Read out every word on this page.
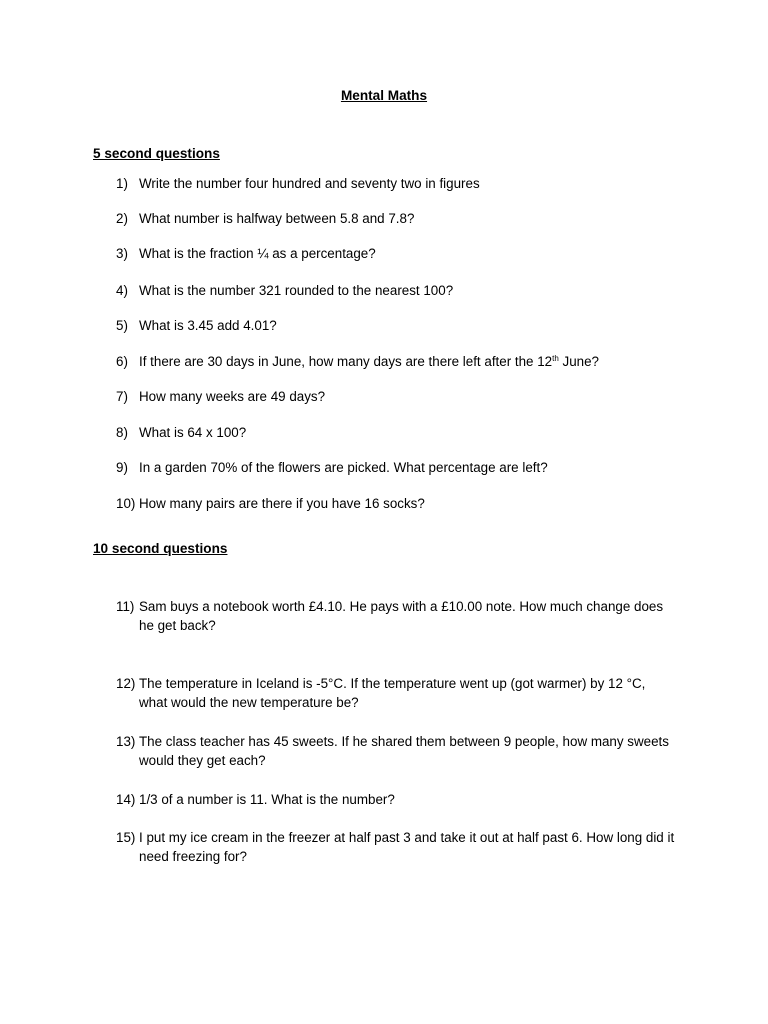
Mental Maths
5 second questions
1) Write the number four hundred and seventy two in figures
2) What number is halfway between 5.8 and 7.8?
3) What is the fraction ¼ as a percentage?
4) What is the number 321 rounded to the nearest 100?
5) What is 3.45 add 4.01?
6) If there are 30 days in June, how many days are there left after the 12th June?
7) How many weeks are 49 days?
8) What is 64 x 100?
9) In a garden 70% of the flowers are picked. What percentage are left?
10) How many pairs are there if you have 16 socks?
10 second questions
11) Sam buys a notebook worth £4.10. He pays with a £10.00 note. How much change does he get back?
12) The temperature in Iceland is -5°C. If the temperature went up (got warmer) by 12 °C, what would the new temperature be?
13) The class teacher has 45 sweets. If he shared them between 9 people, how many sweets would they get each?
14) 1/3 of a number is 11. What is the number?
15) I put my ice cream in the freezer at half past 3 and take it out at half past 6. How long did it need freezing for?
